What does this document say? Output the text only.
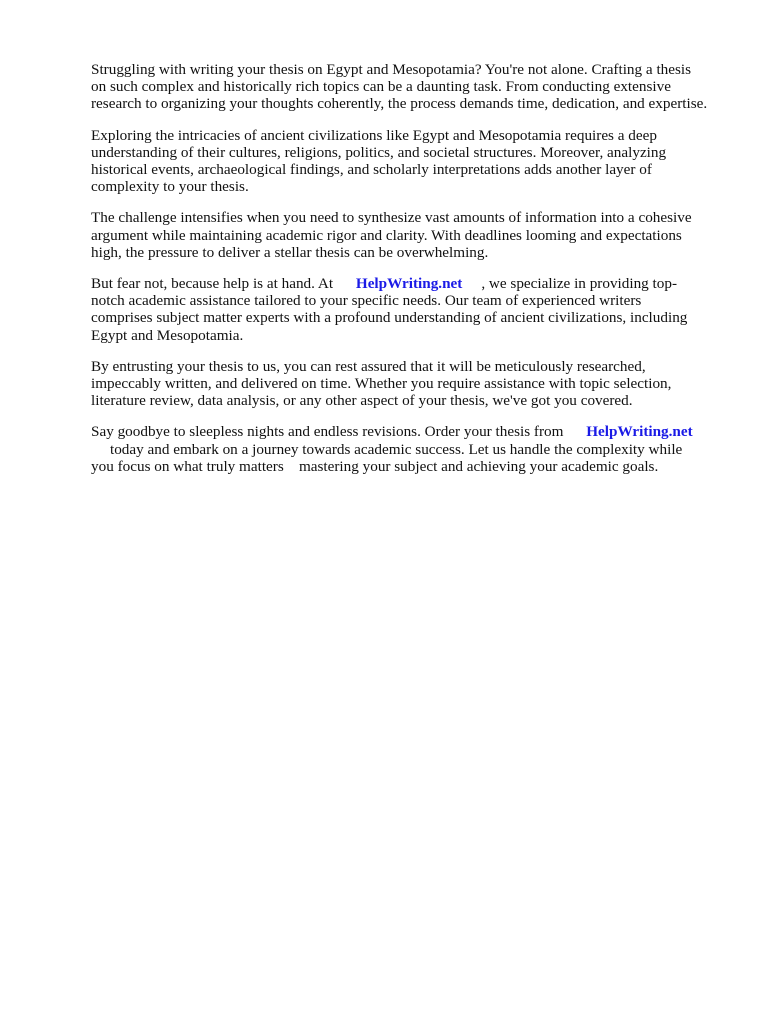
Struggling with writing your thesis on Egypt and Mesopotamia? You're not alone. Crafting a thesis
on such complex and historically rich topics can be a daunting task. From conducting extensive
research to organizing your thoughts coherently, the process demands time, dedication, and expertise.

Exploring the intricacies of ancient civilizations like Egypt and Mesopotamia requires a deep
understanding of their cultures, religions, politics, and societal structures. Moreover, analyzing
historical events, archaeological findings, and scholarly interpretations adds another layer of
complexity to your thesis.

The challenge intensifies when you need to synthesize vast amounts of information into a cohesive
argument while maintaining academic rigor and clarity. With deadlines looming and expectations
high, the pressure to deliver a stellar thesis can be overwhelming.

But fear not, because help is at hand. At      HelpWriting.net     , we specialize in providing top-
notch academic assistance tailored to your specific needs. Our team of experienced writers
comprises subject matter experts with a profound understanding of ancient civilizations, including
Egypt and Mesopotamia.

By entrusting your thesis to us, you can rest assured that it will be meticulously researched,
impeccably written, and delivered on time. Whether you require assistance with topic selection,
literature review, data analysis, or any other aspect of your thesis, we've got you covered.

Say goodbye to sleepless nights and endless revisions. Order your thesis from      HelpWriting.net
today and embark on a journey towards academic success. Let us handle the complexity while
you focus on what truly matters    mastering your subject and achieving your academic goals.
